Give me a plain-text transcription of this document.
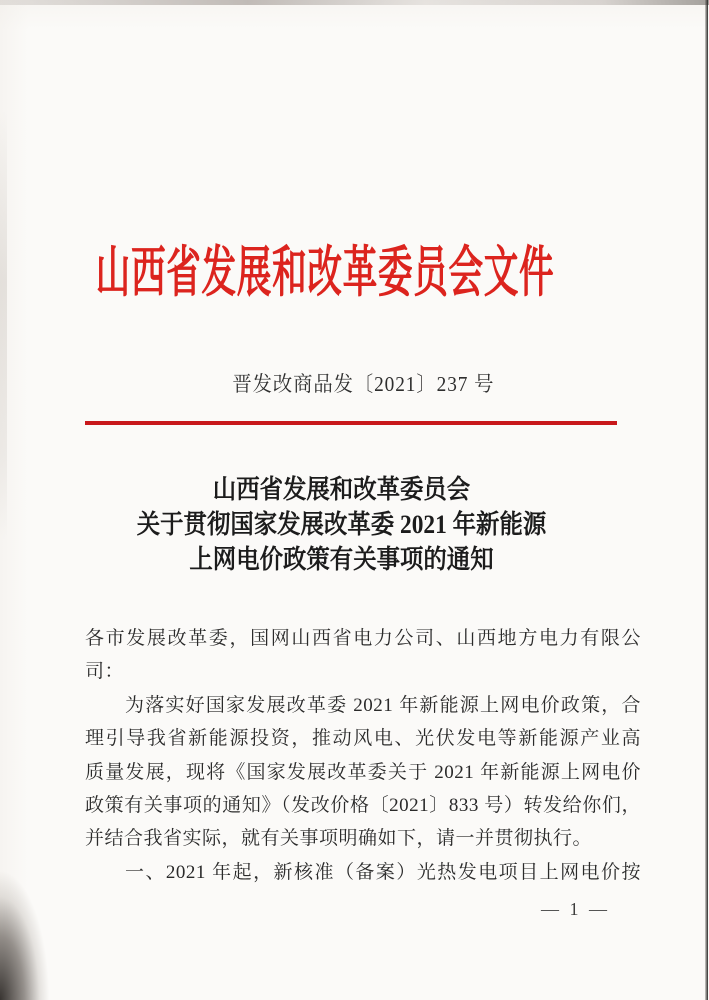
山西省发展和改革委员会文件
晋发改商品发〔2021〕237 号
山西省发展和改革委员会
关于贯彻国家发展改革委 2021 年新能源
上网电价政策有关事项的通知
各市发展改革委，国网山西省电力公司、山西地方电力有限公
司：
为落实好国家发展改革委 2021 年新能源上网电价政策，合
理引导我省新能源投资，推动风电、光伏发电等新能源产业高
质量发展，现将《国家发展改革委关于 2021 年新能源上网电价
政策有关事项的通知》（发改价格〔2021〕833 号）转发给你们，
并结合我省实际，就有关事项明确如下，请一并贯彻执行。
一、2021 年起，新核准（备案）光热发电项目上网电价按
— 1 —
